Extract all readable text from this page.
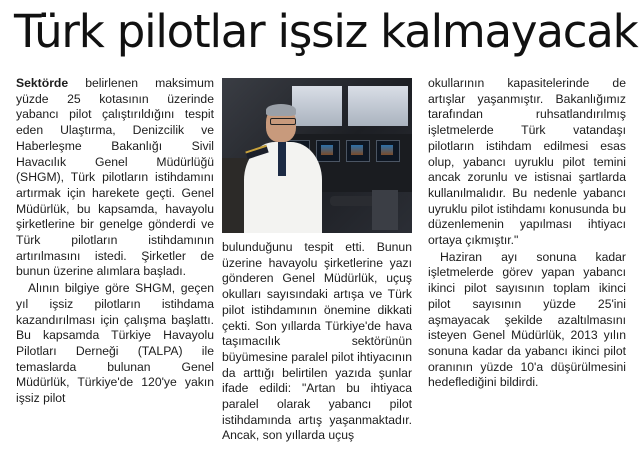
Türk pilotlar işsiz kalmayacak

Sektörde belirlenen maksimum yüzde 25 kotasının üzerinde yabancı pilot çalıştırıldığını tespit eden Ulaştırma, Denizcilik ve Haberleşme Bakanlığı Sivil Havacılık Genel Müdürlüğü (SHGM), Türk pilotların istihdamını artırmak için harekete geçti. Genel Müdürlük, bu kapsamda, havayolu şirketlerine bir genelge gönderdi ve Türk pilotların istihdamının artırılmasını istedi. Şirketler de bunun üzerine alımlara başladı.

Alının bilgiye göre SHGM, geçen yıl işsiz pilotların istihdama kazandırılması için çalışma başlattı. Bu kapsamda Türkiye Havayolu Pilotları Derneği (TALPA) ile temaslarda bulunan Genel Müdürlük, Türkiye'de 120'ye yakın işsiz pilot

bulunduğunu tespit etti. Bunun üzerine havayolu şirketlerine yazı gönderen Genel Müdürlük, uçuş okulları sayısındaki artışa ve Türk pilot istihdamının önemine dikkati çekti. Son yıllarda Türkiye'de hava taşımacılık sektörünün büyümesine paralel pilot ihtiyacının da arttığı belirtilen yazıda şunlar ifade edildi: "Artan bu ihtiyaca paralel olarak yabancı pilot istihdamında artış yaşanmaktadır. Ancak, son yıllarda uçuş

okullarının kapasitelerinde de artışlar yaşanmıştır. Bakanlığımız tarafından ruhsatlandırılmış işletmelerde Türk vatandaşı pilotların istihdam edilmesi esas olup, yabancı uyruklu pilot temini ancak zorunlu ve istisnai şartlarda kullanılmalıdır. Bu nedenle yabancı uyruklu pilot istihdamı konusunda bu düzenlemenin yapılması ihtiyacı ortaya çıkmıştır."

Haziran ayı sonuna kadar işletmelerde görev yapan yabancı ikinci pilot sayısının toplam ikinci pilot sayısının yüzde 25'ini aşmayacak şekilde azaltılmasını isteyen Genel Müdürlük, 2013 yılın sonuna kadar da yabancı ikinci pilot oranının yüzde 10'a düşürülmesini hedeflediğini bildirdi.
